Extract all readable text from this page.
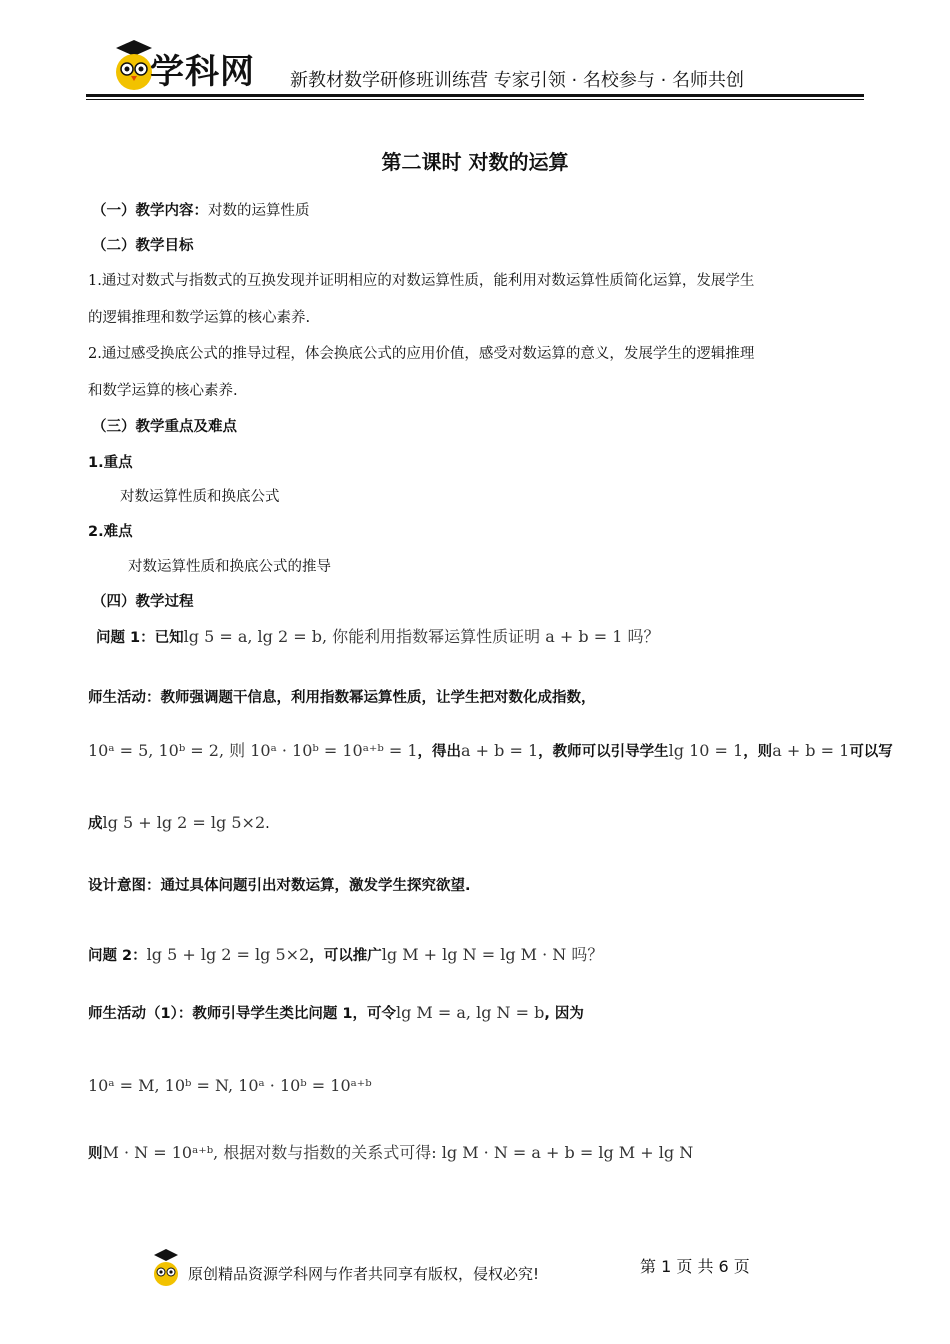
学科网 新教材数学研修班训练营 专家引领 · 名校参与 · 名师共创
第二课时 对数的运算
（一）教学内容：对数的运算性质
（二）教学目标
1.通过对数式与指数式的互换发现并证明相应的对数运算性质，能利用对数运算性质简化运算，发展学生
的逻辑推理和数学运算的核心素养.
2.通过感受换底公式的推导过程，体会换底公式的应用价值，感受对数运算的意义，发展学生的逻辑推理
和数学运算的核心素养.
（三）教学重点及难点
1.重点
对数运算性质和换底公式
2.难点
对数运算性质和换底公式的推导
（四）教学过程
问题 1：已知lg 5 = a, lg 2 = b, 你能利用指数幂运算性质证明 a + b = 1 吗？
师生活动：教师强调题干信息，利用指数幂运算性质，让学生把对数化成指数，
10ᵃ = 5, 10ᵇ = 2, 则 10ᵃ · 10ᵇ = 10ᵃ⁺ᵇ = 1，得出a + b = 1，教师可以引导学生lg 10 = 1，则a + b = 1可以写
成lg 5 + lg 2 = lg 5×2.
设计意图：通过具体问题引出对数运算，激发学生探究欲望.
问题 2：lg 5 + lg 2 = lg 5×2，可以推广lg M + lg N = lg M · N 吗？
师生活动（1）：教师引导学生类比问题 1，可令lg M = a, lg N = b, 因为
10ᵃ = M, 10ᵇ = N, 10ᵃ · 10ᵇ = 10ᵃ⁺ᵇ
则M · N = 10ᵃ⁺ᵇ, 根据对数与指数的关系式可得: lg M · N = a + b = lg M + lg N
原创精品资源学科网与作者共同享有版权，侵权必究!	第 1 页 共 6 页
